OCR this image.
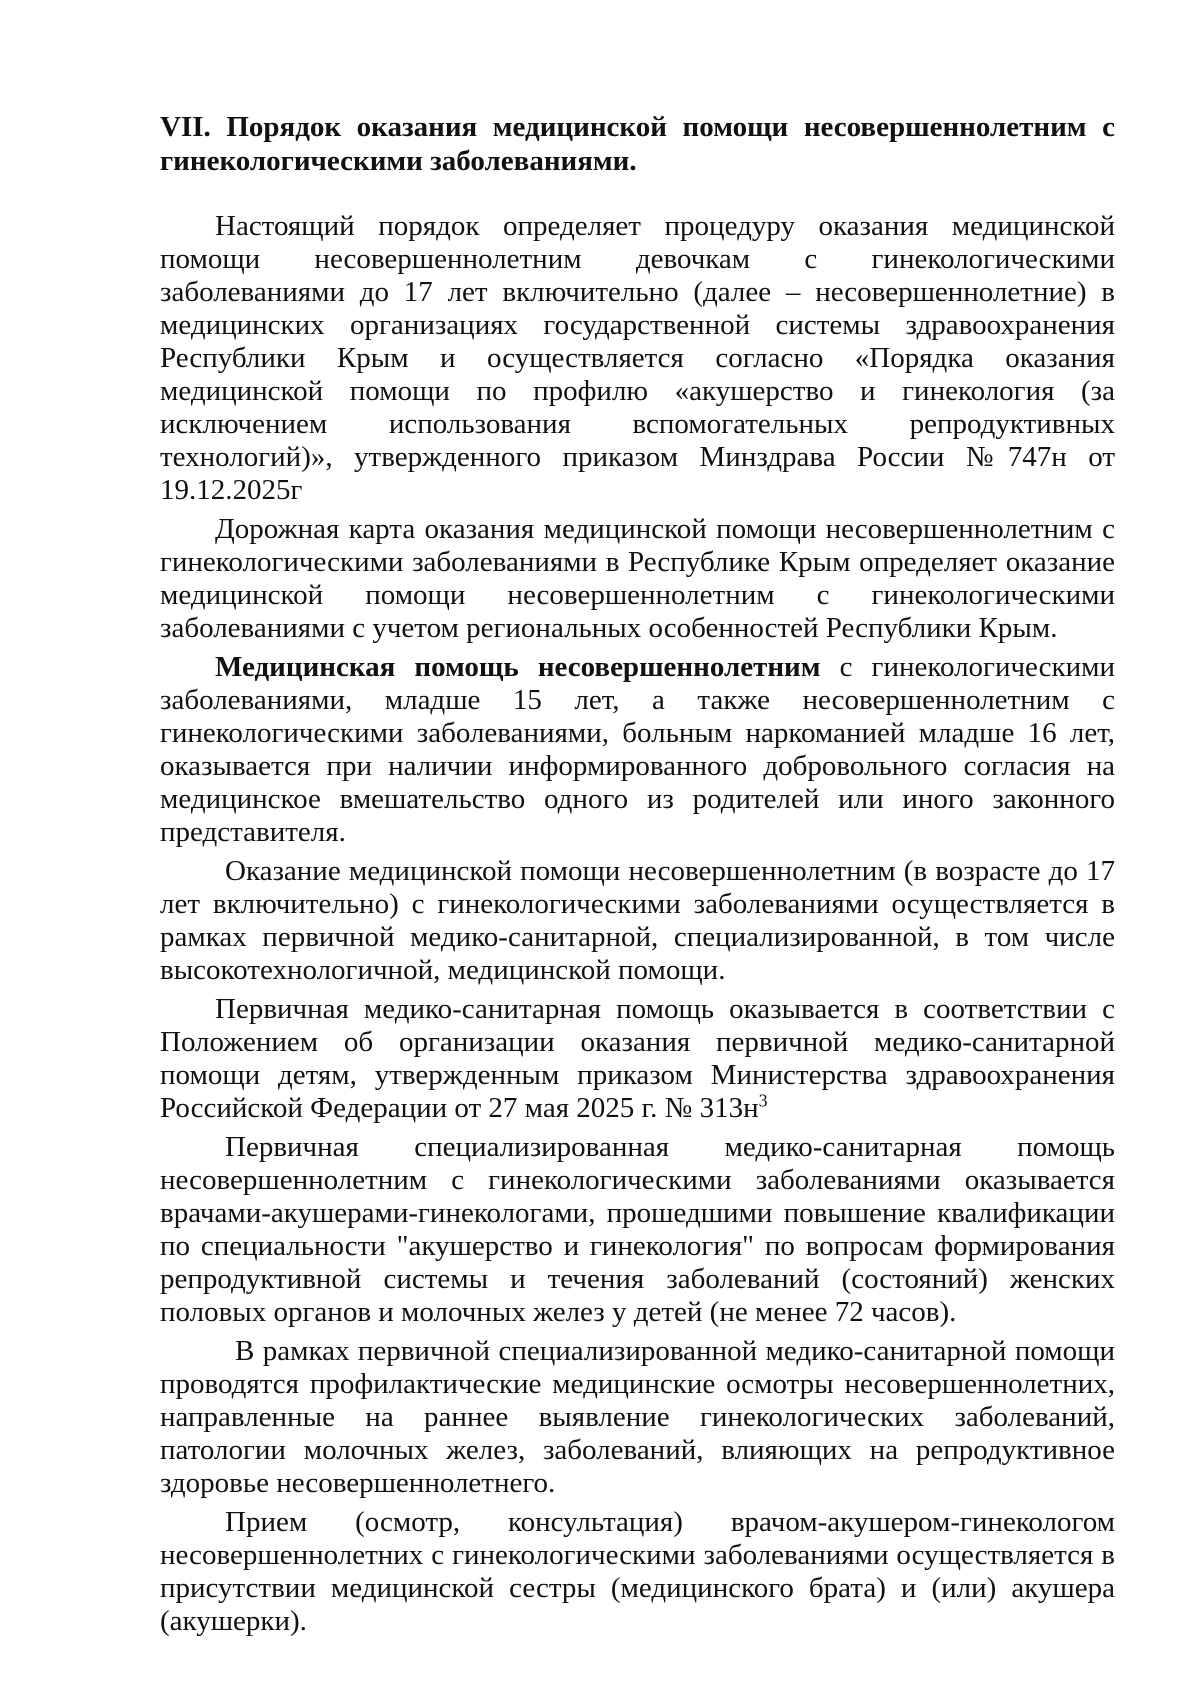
VII. Порядок оказания медицинской помощи несовершеннолетним с гинекологическими заболеваниями.

Настоящий порядок определяет процедуру оказания медицинской помощи несовершеннолетним девочкам с гинекологическими заболеваниями до 17 лет включительно (далее – несовершеннолетние) в медицинских организациях государственной системы здравоохранения Республики Крым и осуществляется согласно «Порядка оказания медицинской помощи по профилю «акушерство и гинекология (за исключением использования вспомогательных репродуктивных технологий)», утвержденного приказом Минздрава России №747н от 19.12.2025г

Дорожная карта оказания медицинской помощи несовершеннолетним с гинекологическими заболеваниями в Республике Крым определяет оказание медицинской помощи несовершеннолетним с гинекологическими заболеваниями с учетом региональных особенностей Республики Крым.

Медицинская помощь несовершеннолетним с гинекологическими заболеваниями, младше 15 лет, а также несовершеннолетним с гинекологическими заболеваниями, больным наркоманией младше 16 лет, оказывается при наличии информированного добровольного согласия на медицинское вмешательство одного из родителей или иного законного представителя.

Оказание медицинской помощи несовершеннолетним (в возрасте до 17 лет включительно) с гинекологическими заболеваниями осуществляется в рамках первичной медико-санитарной, специализированной, в том числе высокотехнологичной, медицинской помощи.

Первичная медико-санитарная помощь оказывается в соответствии с Положением об организации оказания первичной медико-санитарной помощи детям, утвержденным приказом Министерства здравоохранения Российской Федерации от 27 мая 2025 г. № $313н^3$

Первичная специализированная медико-санитарная помощь несовершеннолетним с гинекологическими заболеваниями оказывается врачами-акушерами-гинекологами, прошедшими повышение квалификации по специальности "акушерство и гинекология" по вопросам формирования репродуктивной системы и течения заболеваний (состояний) женских половых органов и молочных желез у детей (не менее 72 часов).

В рамках первичной специализированной медико-санитарной помощи проводятся профилактические медицинские осмотры несовершеннолетних, направленные на раннее выявление гинекологических заболеваний, патологии молочных желез, заболеваний, влияющих на репродуктивное здоровье несовершеннолетнего.

Прием (осмотр, консультация) врачом-акушером-гинекологом несовершеннолетних с гинекологическими заболеваниями осуществляется в присутствии медицинской сестры (медицинского брата) и (или) акушера (акушерки).
